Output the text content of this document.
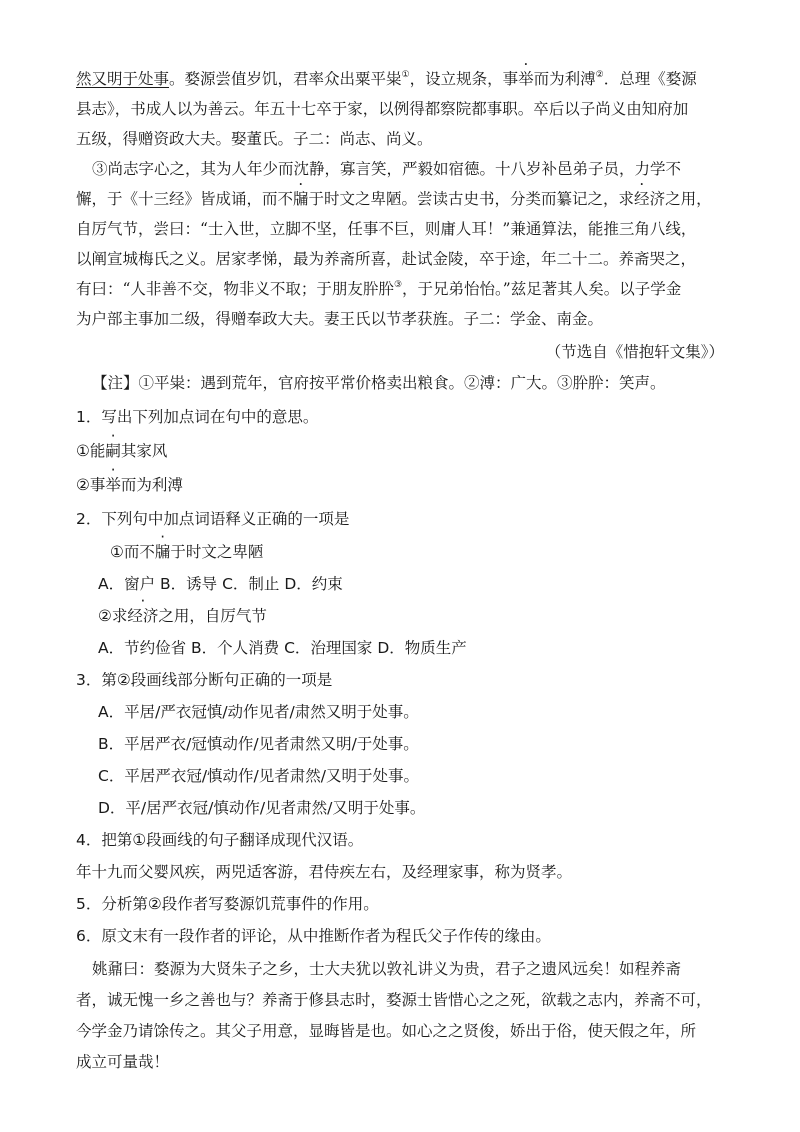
然又明于处事。婺源尝值岁饥，君率众出粟平粜①，设立规条，事举而为利溥②．总理《婺源
县志》，书成人以为善云。年五十七卒于家，以例得都察院都事职。卒后以子尚义由知府加
五级，得赠资政大夫。娶董氏。子二：尚志、尚义。
③尚志字心之，其为人年少而沈静，寡言笑，严毅如宿德。十八岁补邑弟子员，力学不
懈，于《十三经》皆成诵，而不牖于时文之卑陋。尝读古史书，分类而纂记之，求经济之用，
自厉气节，尝曰：“士入世，立脚不坚，任事不巨，则庸人耳！”兼通算法，能推三角八线，
以阐宣城梅氏之义。居家孝悌，最为养斋所喜，赴试金陵，卒于途，年二十二。养斋哭之，
有曰：“人非善不交，物非义不取；于朋友肸肸③，于兄弟怡怡。”兹足著其人矣。以子学金
为户部主事加二级，得赠奉政大夫。妻王氏以节孝获旌。子二：学金、南金。
（节选自《惜抱轩文集》）
【注】①平粜：遇到荒年，官府按平常价格卖出粮食。②溥：广大。③肸肸：笑声。
1．写出下列加点词在句中的意思。
①能嗣其家风
②事举而为利溥
2．下列句中加点词语释义正确的一项是
①而不牖于时文之卑陋
A．窗户 B．诱导 C．制止 D．约束
②求经济之用，自厉气节
A．节约俭省 B．个人消费 C．治理国家 D．物质生产
3．第②段画线部分断句正确的一项是
A．平居/严衣冠慎/动作见者/肃然又明于处事。
B．平居严衣/冠慎动作/见者肃然又明/于处事。
C．平居严衣冠/慎动作/见者肃然/又明于处事。
D．平/居严衣冠/慎动作/见者肃然/又明于处事。
4．把第①段画线的句子翻译成现代汉语。
年十九而父婴风疾，两兕适客游，君侍疾左右，及经理家事，称为贤孝。
5．分析第②段作者写婺源饥荒事件的作用。
6．原文末有一段作者的评论，从中推断作者为程氏父子作传的缘由。
姚鼐曰：婺源为大贤朱子之乡，士大夫犹以敦礼讲义为贵，君子之遗风远矣！如程养斋
者，诚无愧一乡之善也与？养斋于修县志时，婺源士皆惜心之之死，欲载之志内，养斋不可，
今学金乃请馀传之。其父子用意，显晦皆是也。如心之之贤俊，娇出于俗，使天假之年，所
成立可量哉！
